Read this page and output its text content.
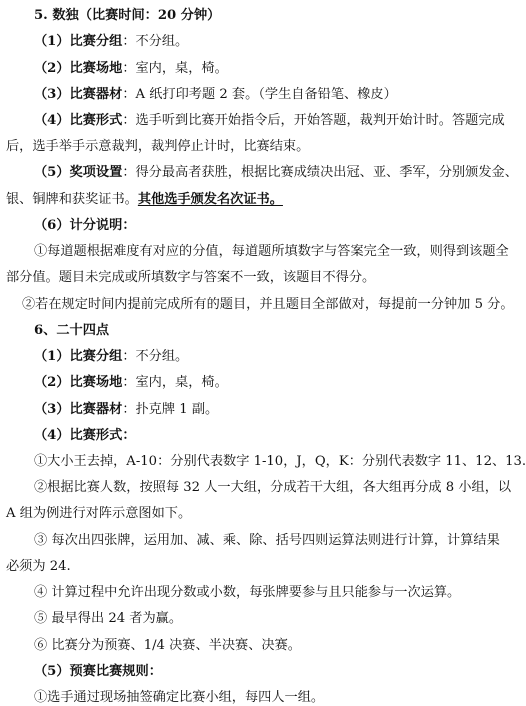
5. 数独（比赛时间：20 分钟）
（1）比赛分组：不分组。
（2）比赛场地：室内，桌，椅。
（3）比赛器材：A 纸打印考题 2 套。（学生自备铅笔、橡皮）
（4）比赛形式：选手听到比赛开始指令后，开始答题，裁判开始计时。答题完成
后，选手举手示意裁判，裁判停止计时，比赛结束。
（5）奖项设置：得分最高者获胜，根据比赛成绩决出冠、亚、季军，分别颁发金、
银、铜牌和获奖证书。其他选手颁发名次证书。
（6）计分说明：
①每道题根据难度有对应的分值，每道题所填数字与答案完全一致，则得到该题全
部分值。题目未完成或所填数字与答案不一致，该题目不得分。
②若在规定时间内提前完成所有的题目，并且题目全部做对，每提前一分钟加 5 分。
6、二十四点
（1）比赛分组：不分组。
（2）比赛场地：室内，桌，椅。
（3）比赛器材：扑克牌 1 副。
（4）比赛形式：
①大小王去掉，A-10：分别代表数字 1-10，J，Q，K：分别代表数字 11、12、13.
②根据比赛人数，按照每 32 人一大组，分成若干大组，各大组再分成 8 小组，以
A 组为例进行对阵示意图如下。
③ 每次出四张牌，运用加、减、乘、除、括号四则运算法则进行计算，计算结果
必须为 24.
④ 计算过程中允许出现分数或小数，每张牌要参与且只能参与一次运算。
⑤ 最早得出 24 者为赢。
⑥ 比赛分为预赛、1/4 决赛、半决赛、决赛。
（5）预赛比赛规则：
①选手通过现场抽签确定比赛小组，每四人一组。
